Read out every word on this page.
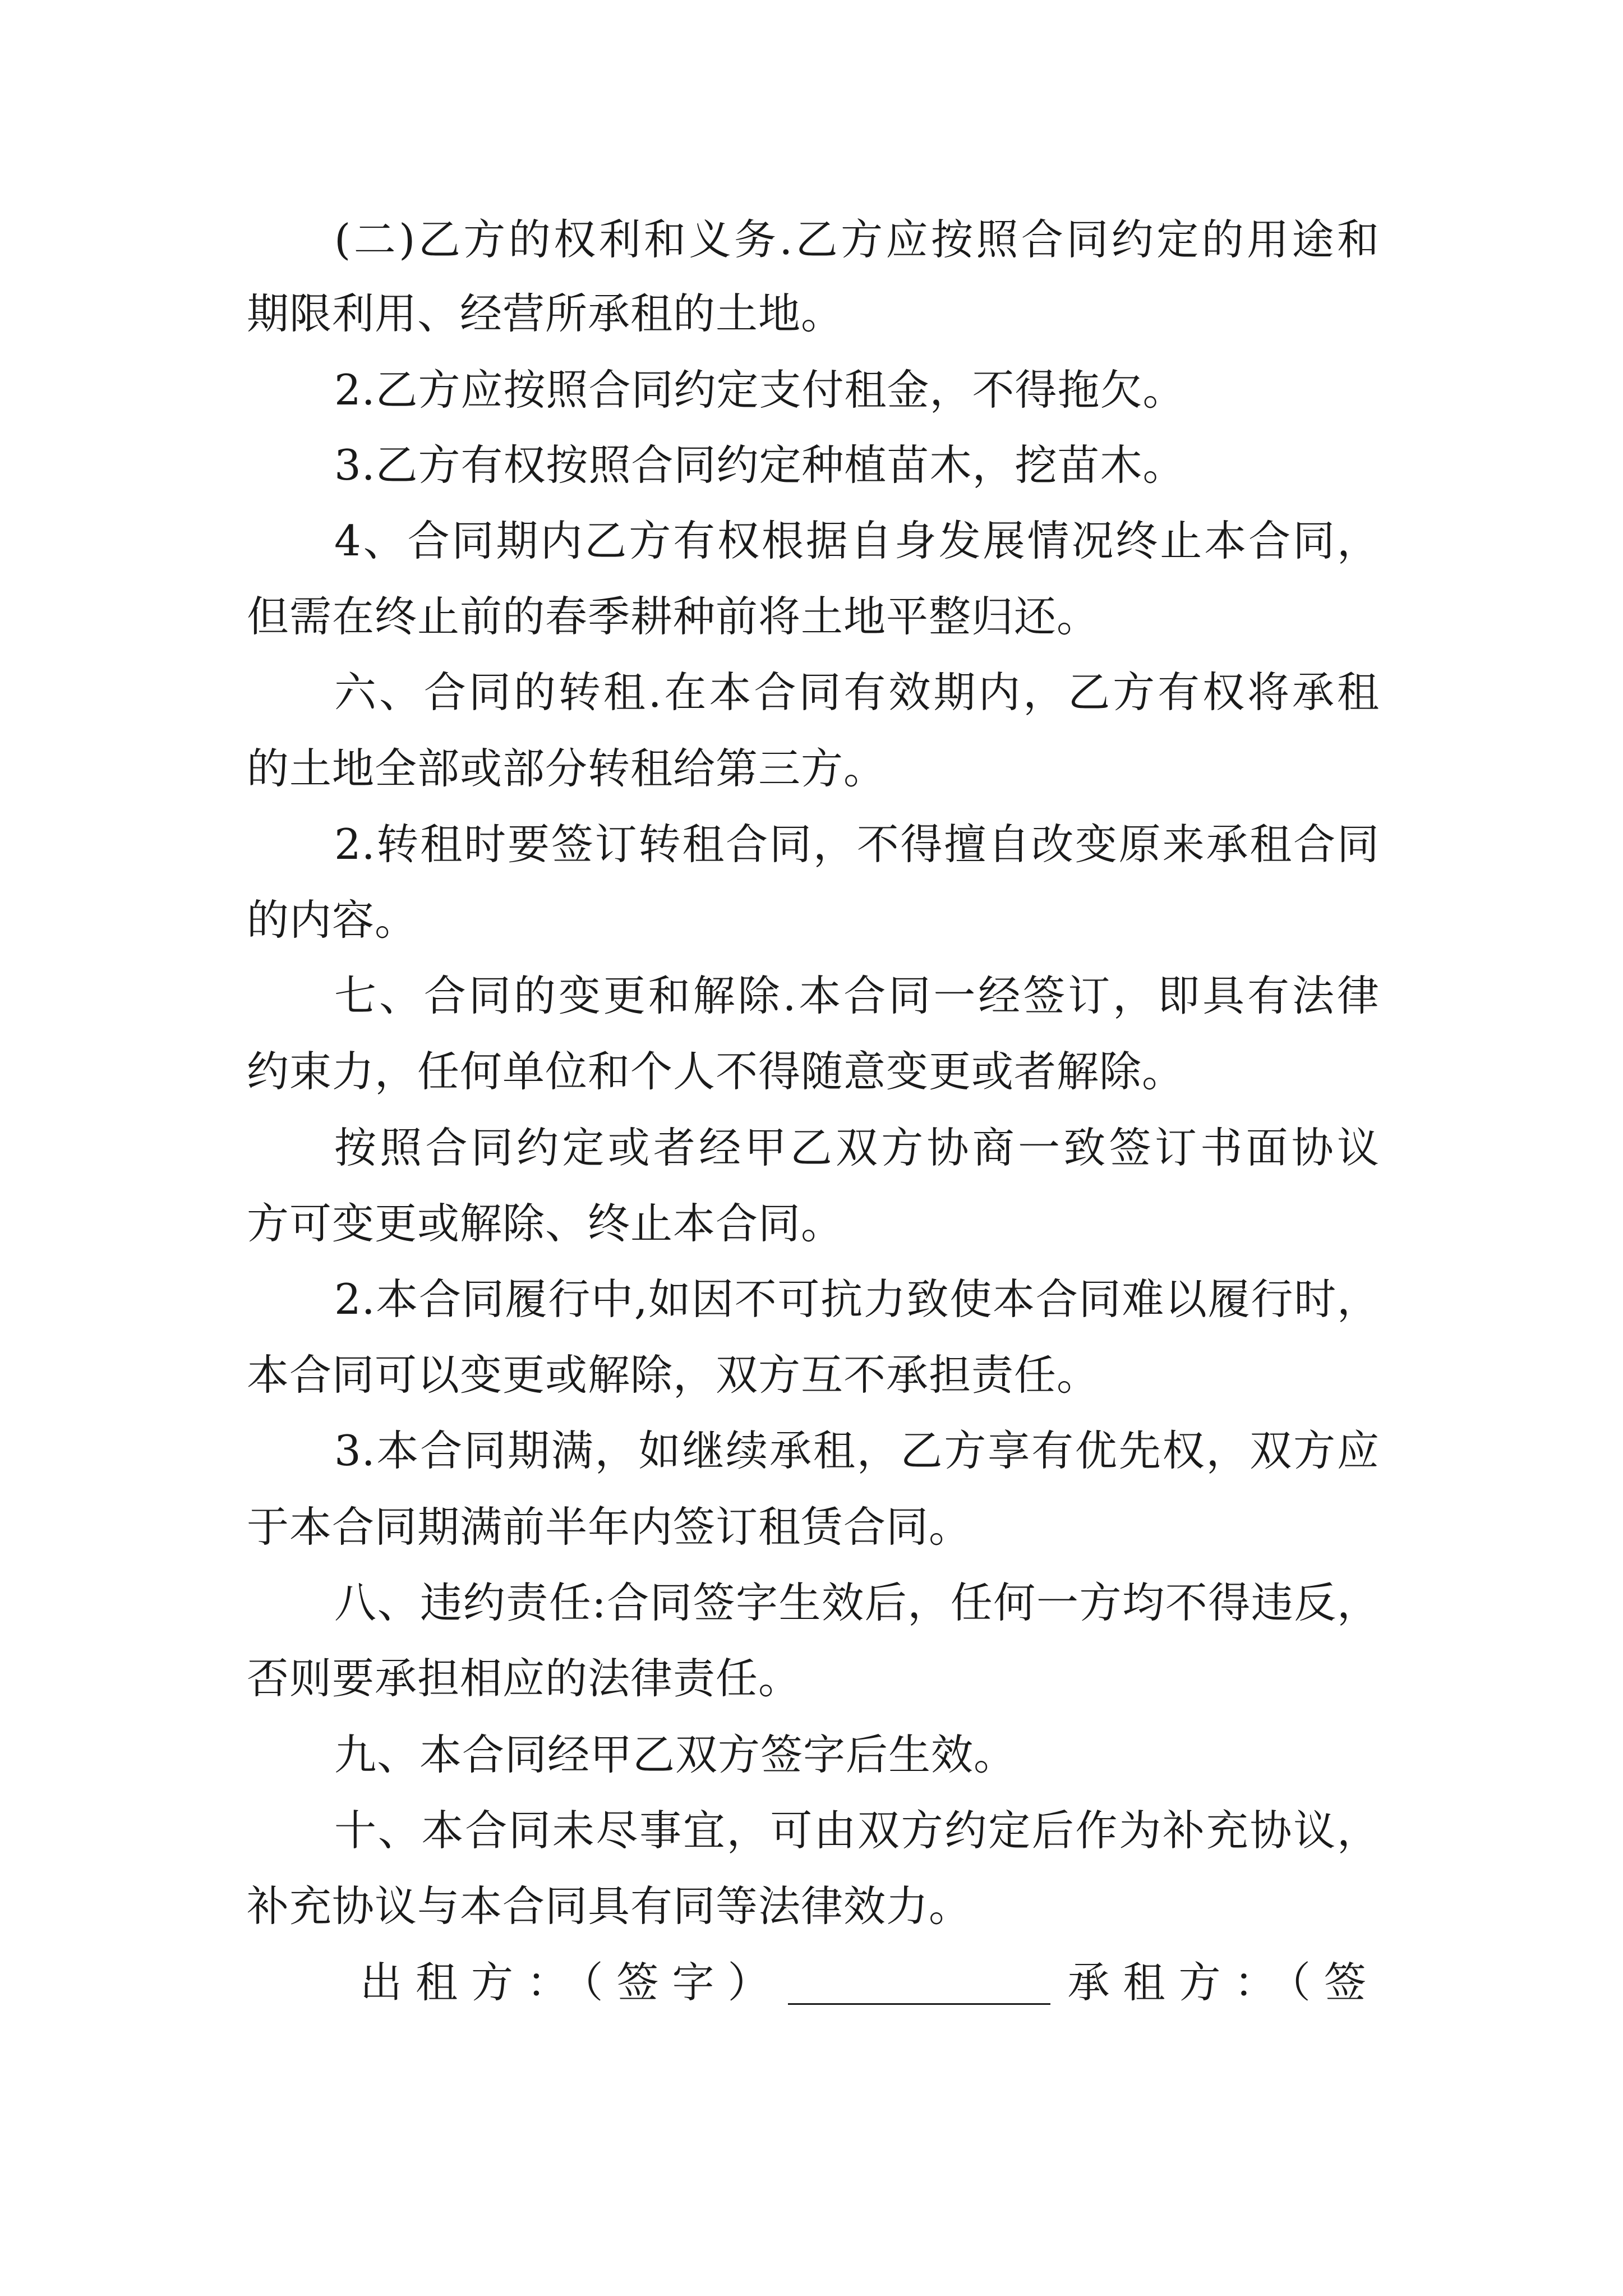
(二)乙方的权利和义务.乙方应按照合同约定的用途和
期限利用、经营所承租的土地。
2.乙方应按照合同约定支付租金，不得拖欠。
3.乙方有权按照合同约定种植苗木，挖苗木。
4、合同期内乙方有权根据自身发展情况终止本合同，
但需在终止前的春季耕种前将土地平整归还。
六、合同的转租.在本合同有效期内，乙方有权将承租
的土地全部或部分转租给第三方。
2.转租时要签订转租合同，不得擅自改变原来承租合同
的内容。
七、合同的变更和解除.本合同一经签订，即具有法律
约束力，任何单位和个人不得随意变更或者解除。
按照合同约定或者经甲乙双方协商一致签订书面协议
方可变更或解除、终止本合同。
2.本合同履行中,如因不可抗力致使本合同难以履行时，
本合同可以变更或解除，双方互不承担责任。
3.本合同期满，如继续承租，乙方享有优先权，双方应
于本合同期满前半年内签订租赁合同。
八、违约责任:合同签字生效后，任何一方均不得违反，
否则要承担相应的法律责任。
九、本合同经甲乙双方签字后生效。
十、本合同未尽事宜，可由双方约定后作为补充协议，
补充协议与本合同具有同等法律效力。
出租方：（签字）	承租方：（签
